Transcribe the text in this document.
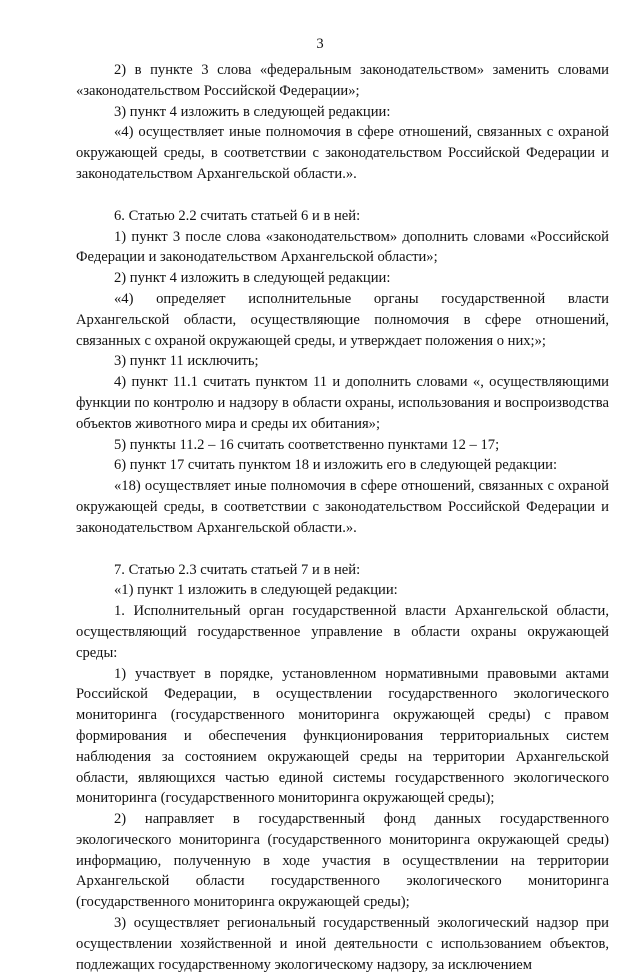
3

2) в пункте 3 слова «федеральным законодательством» заменить словами «законодательством Российской Федерации»;

3) пункт 4 изложить в следующей редакции:

«4) осуществляет иные полномочия в сфере отношений, связанных с охраной окружающей среды, в соответствии с законодательством Российской Федерации и законодательством Архангельской области.».

6. Статью 2.2 считать статьей 6 и в ней:

1) пункт 3 после слова «законодательством» дополнить словами «Российской Федерации и законодательством Архангельской области»;

2) пункт 4 изложить в следующей редакции:

«4) определяет исполнительные органы государственной власти Архангельской области, осуществляющие полномочия в сфере отношений, связанных с охраной окружающей среды, и утверждает положения о них;»;

3) пункт 11 исключить;

4) пункт 11.1 считать пунктом 11 и дополнить словами «, осуществляющими функции по контролю и надзору в области охраны, использования и воспроизводства объектов животного мира и среды их обитания»;

5) пункты 11.2 – 16 считать соответственно пунктами 12 – 17;

6) пункт 17 считать пунктом 18 и изложить его в следующей редакции:

«18) осуществляет иные полномочия в сфере отношений, связанных с охраной окружающей среды, в соответствии с законодательством Российской Федерации и законодательством Архангельской области.».

7. Статью 2.3 считать статьей 7 и в ней:

«1) пункт 1 изложить в следующей редакции:

1. Исполнительный орган государственной власти Архангельской области, осуществляющий государственное управление в области охраны окружающей среды:

1) участвует в порядке, установленном нормативными правовыми актами Российской Федерации, в осуществлении государственного экологического мониторинга (государственного мониторинга окружающей среды) с правом формирования и обеспечения функционирования территориальных систем наблюдения за состоянием окружающей среды на территории Архангельской области, являющихся частью единой системы государственного экологического мониторинга (государственного мониторинга окружающей среды);

2) направляет в государственный фонд данных государственного экологического мониторинга (государственного мониторинга окружающей среды) информацию, полученную в ходе участия в осуществлении на территории Архангельской области государственного экологического мониторинга (государственного мониторинга окружающей среды);

3) осуществляет региональный государственный экологический надзор при осуществлении хозяйственной и иной деятельности с использованием объектов, подлежащих государственному экологическому надзору, за исключением
